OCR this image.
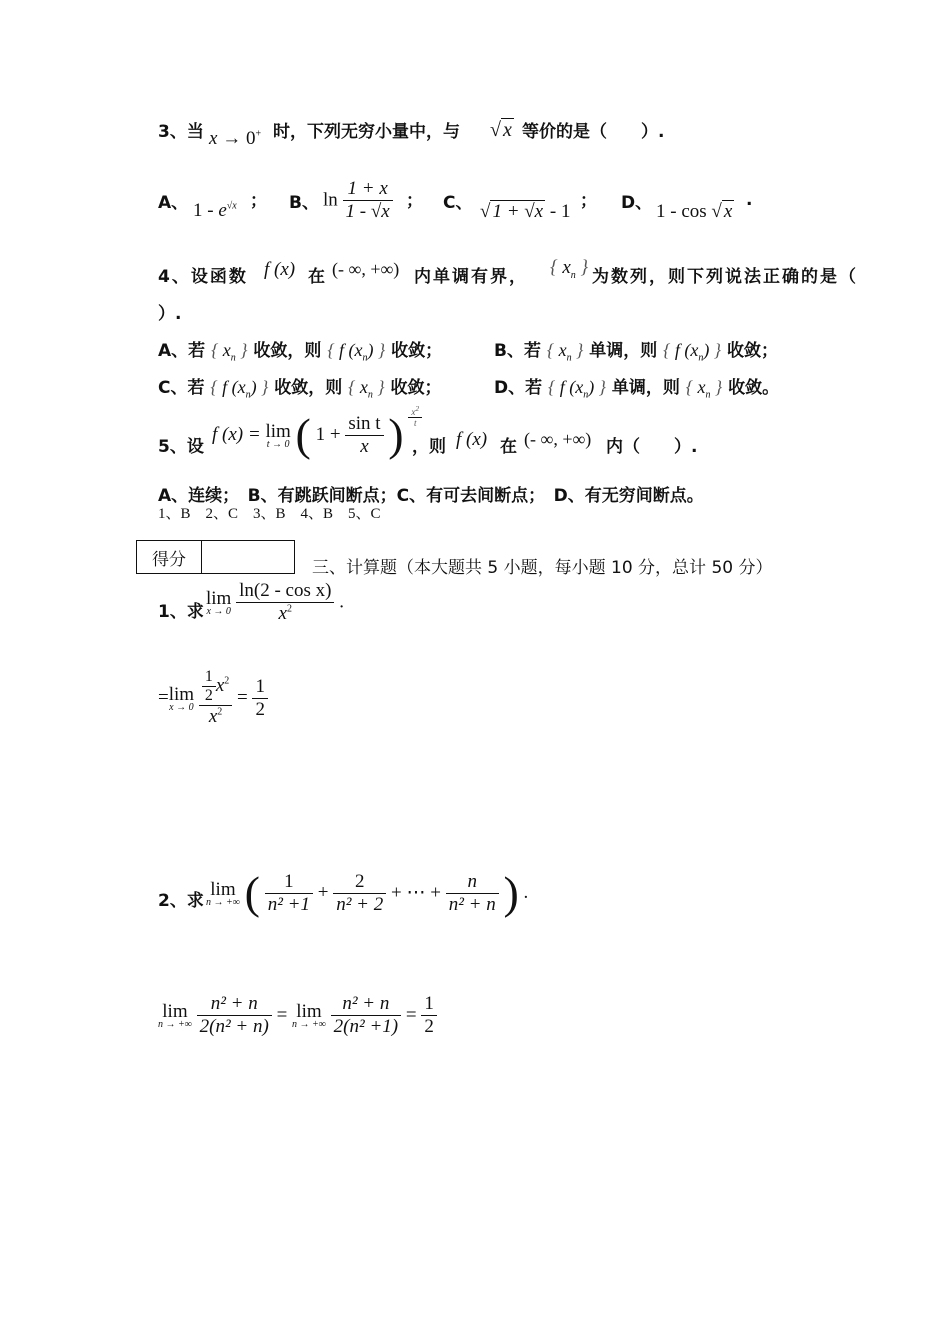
3、当 x → 0+ 时，下列无穷小量中，与 √ x 等价的是（　　）.
A、 $1 - e^{√x}$ ； B、 $\ln \frac{1 + x}{1 - √x}$ ； C、 √ 1 + √x - 1 ； D、 1 - cos √ x
.
4、设函数 f (x) 在 (- ∞, +∞) 内单调有界， { $x_n$ } 为数列，则下列说法正确的是（
）.
A、若 { $x_n$ } 收敛，则 { f $(x_n)$ } 收敛；	B、若 { $x_n$ } 单调，则 { f $(x_n)$ } 收敛；
C、若 { f $(x_n)$ } 收敛，则 { $x_n$ } 收敛；	D、若 { f $(x_n)$ } 单调，则 { $x_n$ } 收敛。
5、设
f (x) = lim
t → 0 ( $1 + \frac{\text{sin t}}{x}$ ) $\frac{x^2}{t}$
，则 f (x) 在 (- ∞, +∞) 内（　　）.
A、连续；　B、有跳跃间断点；C、有可去间断点；　D、有无穷间断点。
1、B　2、C　3、B　4、B　5、C
得分		三、计算题（本大题共 5 小题，每小题 10 分，总计 50 分）
1、求
lim
x → 0
$\frac{\text{ln(2 - cos x)}}{x^2}$ .
=lim
x → 0
$\frac{\frac{1}{2} x^2}{x^2} = \frac{1}{2}$
2、求
lim
n → +∞ ( $\frac{1}{\text{n² +1}} + \frac{2}{\text{n² + 2}}$ + ⋯ + $\frac{n}{\text{n² + n}}$ ) .
lim
n → +∞
$\frac{\text{n² + n}}{\text{2(n² + n)}} = \lim$
n → +∞
$\frac{\text{n² + n}}{\text{2(n² +1)}} = \frac{1}{2}$
